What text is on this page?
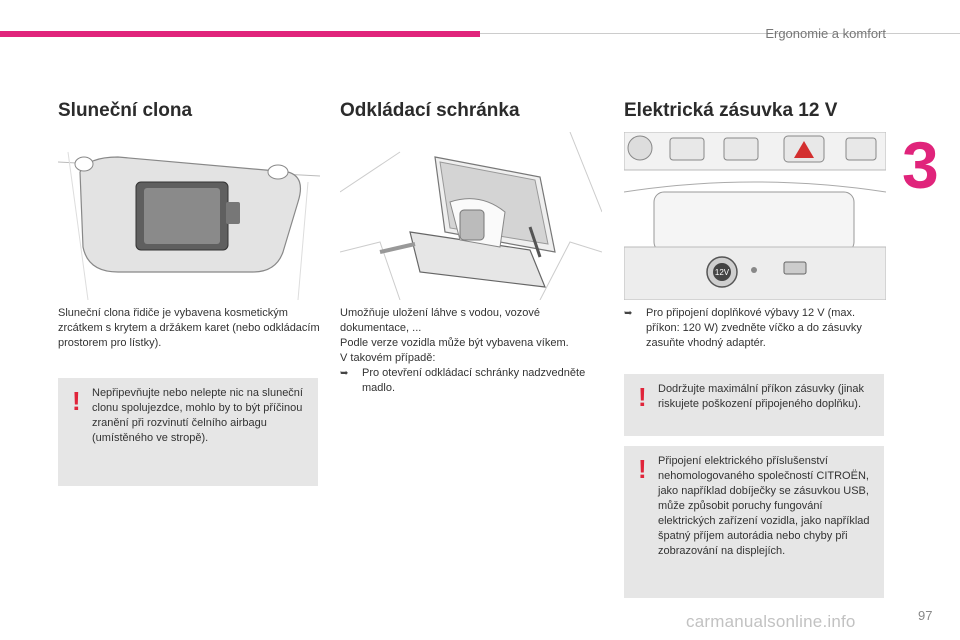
Ergonomie a komfort
3
Sluneční clona

Sluneční clona řidiče je vybavena kosmetickým zrcátkem s krytem a držákem karet (nebo odkládacím prostorem pro lístky).

! Nepřipevňujte nebo nelepte nic na sluneční clonu spolujezdce, mohlo by to být příčinou zranění při rozvinutí čelního airbagu (umístěného ve stropě).
Odkládací schránka

Umožňuje uložení láhve s vodou, vozové dokumentace, ...

Podle verze vozidla může být vybavena víkem.

V takovém případě:

➥	Pro otevření odkládací schránky nadzvedněte madlo.
Elektrická zásuvka 12 V
12V
➥	Pro připojení doplňkové výbavy 12 V (max. příkon: 120 W) zvedněte víčko a do zásuvky zasuňte vhodný adaptér.
! Dodržujte maximální příkon zásuvky (jinak riskujete poškození připojeného doplňku).
! Připojení elektrického příslušenství nehomologovaného společností CITROËN, jako například dobíječky se zásuvkou USB, může způsobit poruchy fungování elektrických zařízení vozidla, jako například špatný příjem autorádia nebo chyby při zobrazování na displejích.
carmanualsonline.info	97
